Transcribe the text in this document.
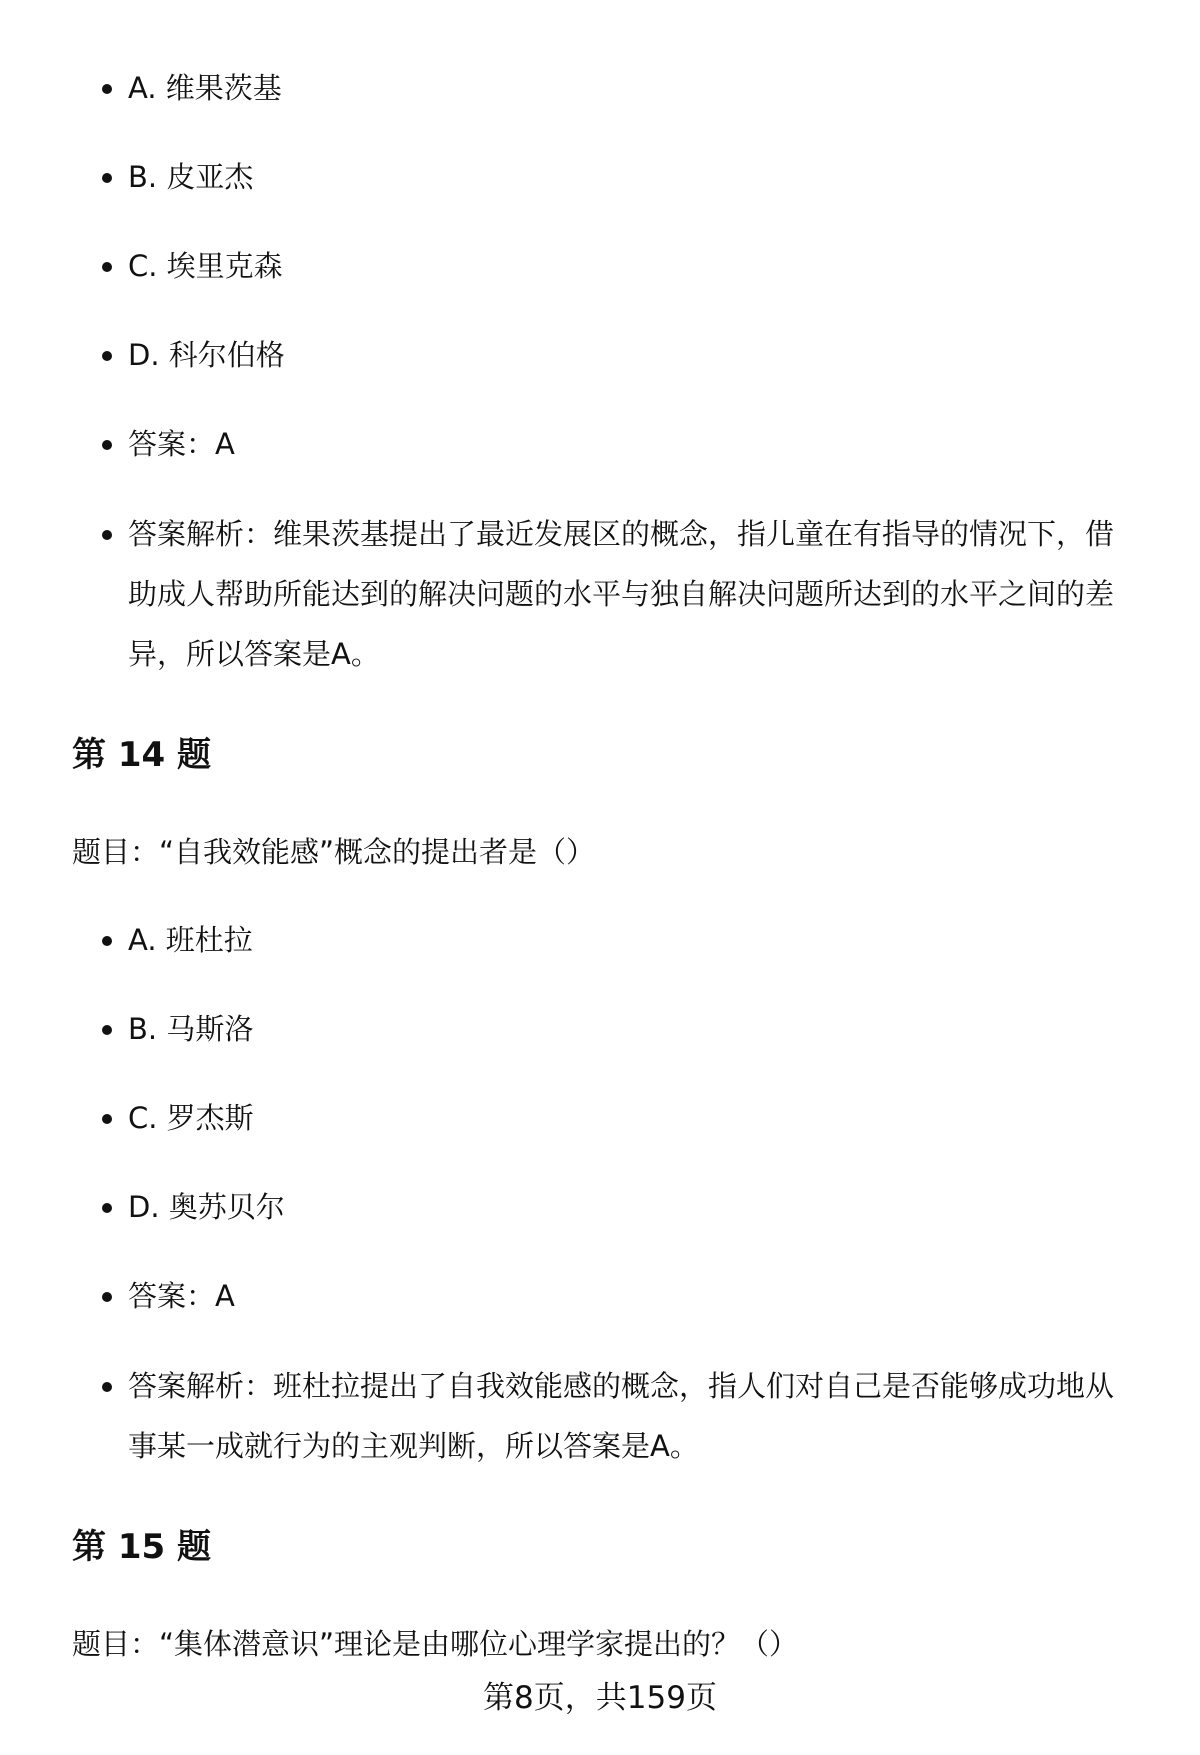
A. 维果茨基
B. 皮亚杰
C. 埃里克森
D. 科尔伯格
答案：A
答案解析：维果茨基提出了最近发展区的概念，指儿童在有指导的情况下，借助成人帮助所能达到的解决问题的水平与独自解决问题所达到的水平之间的差异，所以答案是A。
第 14 题

题目：“自我效能感”概念的提出者是（）

A. 班杜拉
B. 马斯洛
C. 罗杰斯
D. 奥苏贝尔
答案：A
答案解析：班杜拉提出了自我效能感的概念，指人们对自己是否能够成功地从事某一成就行为的主观判断，所以答案是A。
第 15 题

题目：“集体潜意识”理论是由哪位心理学家提出的？（）

第8页，共159页
